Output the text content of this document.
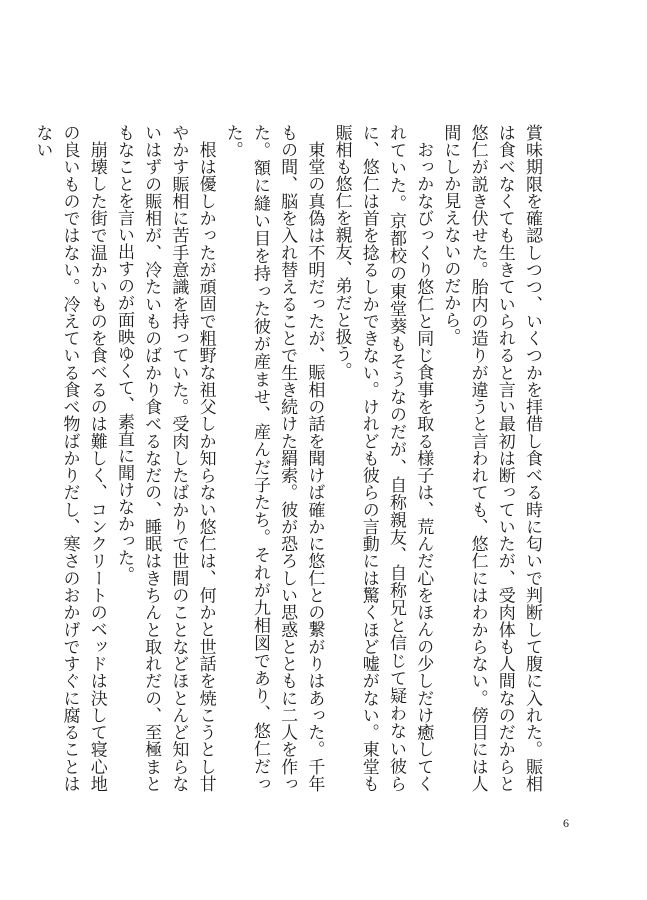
賞味期限を確認しつつ、いくつかを拝借し食べる時に匂いで判断して腹に入れた。賑相は食べなくても生きていられると言い最初は断っていたが、受肉体も人間なのだからと悠仁が説き伏せた。胎内の造りが違うと言われても、悠仁にはわからない。傍目には人間にしか見えないのだから。

おっかなびっくり悠仁と同じ食事を取る様子は、荒んだ心をほんの少しだけ癒してくれていた。京都校の東堂葵もそうなのだが、自称親友、自称兄と信じて疑わない彼らに、悠仁は首を捻るしかできない。けれども彼らの言動には驚くほど嘘がない。東堂も賑相も悠仁を親友、弟だと扱う。

東堂の真偽は不明だったが、賑相の話を聞けば確かに悠仁との繋がりはあった。千年もの間、脳を入れ替えることで生き続けた羂索。彼が恐ろしい思惑とともに二人を作った。額に縫い目を持った彼が産ませ、産んだ子たち。それが九相図であり、悠仁だった。

根は優しかったが頑固で粗野な祖父しか知らない悠仁は、何かと世話を焼こうとし甘やかす賑相に苦手意識を持っていた。受肉したばかりで世間のことなどほとんど知らないはずの賑相が、冷たいものばかり食べるなだの、睡眠はきちんと取れだの、至極まともなことを言い出すのが面映ゆくて、素直に聞けなかった。

崩壊した街で温かいものを食べるのは難しく、コンクリートのベッドは決して寝心地の良いものではない。冷えている食べ物ばかりだし、寒さのおかげですぐに腐ることはない

6
